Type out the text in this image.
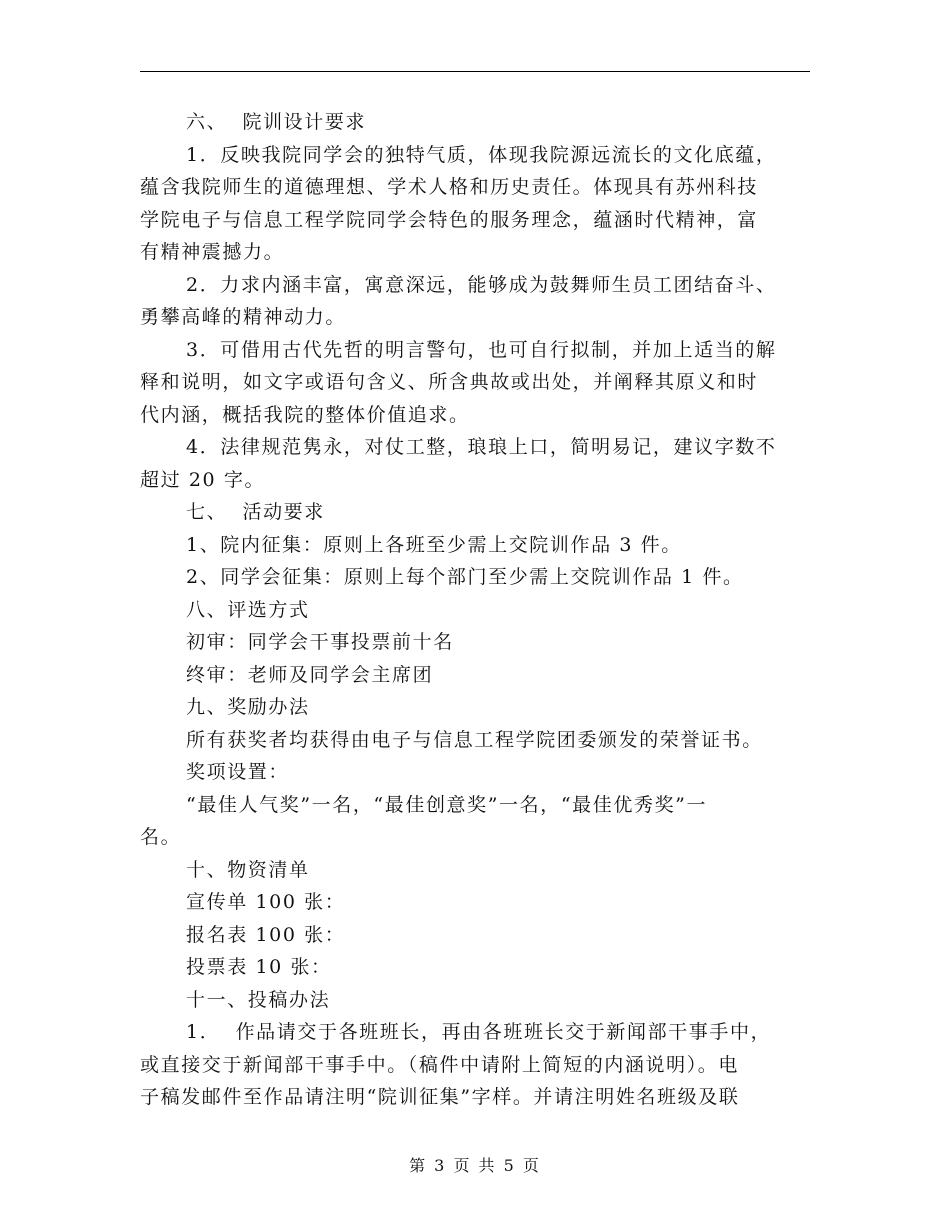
六、  院训设计要求
1．反映我院同学会的独特气质，体现我院源远流长的文化底蕴，
蕴含我院师生的道德理想、学术人格和历史责任。体现具有苏州科技
学院电子与信息工程学院同学会特色的服务理念，蕴涵时代精神，富
有精神震撼力。
2．力求内涵丰富，寓意深远，能够成为鼓舞师生员工团结奋斗、
勇攀高峰的精神动力。
3．可借用古代先哲的明言警句，也可自行拟制，并加上适当的解
释和说明，如文字或语句含义、所含典故或出处，并阐释其原义和时
代内涵，概括我院的整体价值追求。
4．法律规范隽永，对仗工整，琅琅上口，简明易记，建议字数不
超过 20 字。
七、  活动要求
1、院内征集：原则上各班至少需上交院训作品 3 件。
2、同学会征集：原则上每个部门至少需上交院训作品 1 件。
八、评选方式
初审：同学会干事投票前十名
终审：老师及同学会主席团
九、奖励办法
所有获奖者均获得由电子与信息工程学院团委颁发的荣誉证书。
奖项设置：
“最佳人气奖”一名，“最佳创意奖”一名，“最佳优秀奖”一
名。
十、物资清单
宣传单 100 张：
报名表 100 张：
投票表 10 张：
十一、投稿办法
1．  作品请交于各班班长，再由各班班长交于新闻部干事手中，
或直接交于新闻部干事手中。（稿件中请附上简短的内涵说明）。电
子稿发邮件至作品请注明“院训征集”字样。并请注明姓名班级及联
第 3 页 共 5 页
